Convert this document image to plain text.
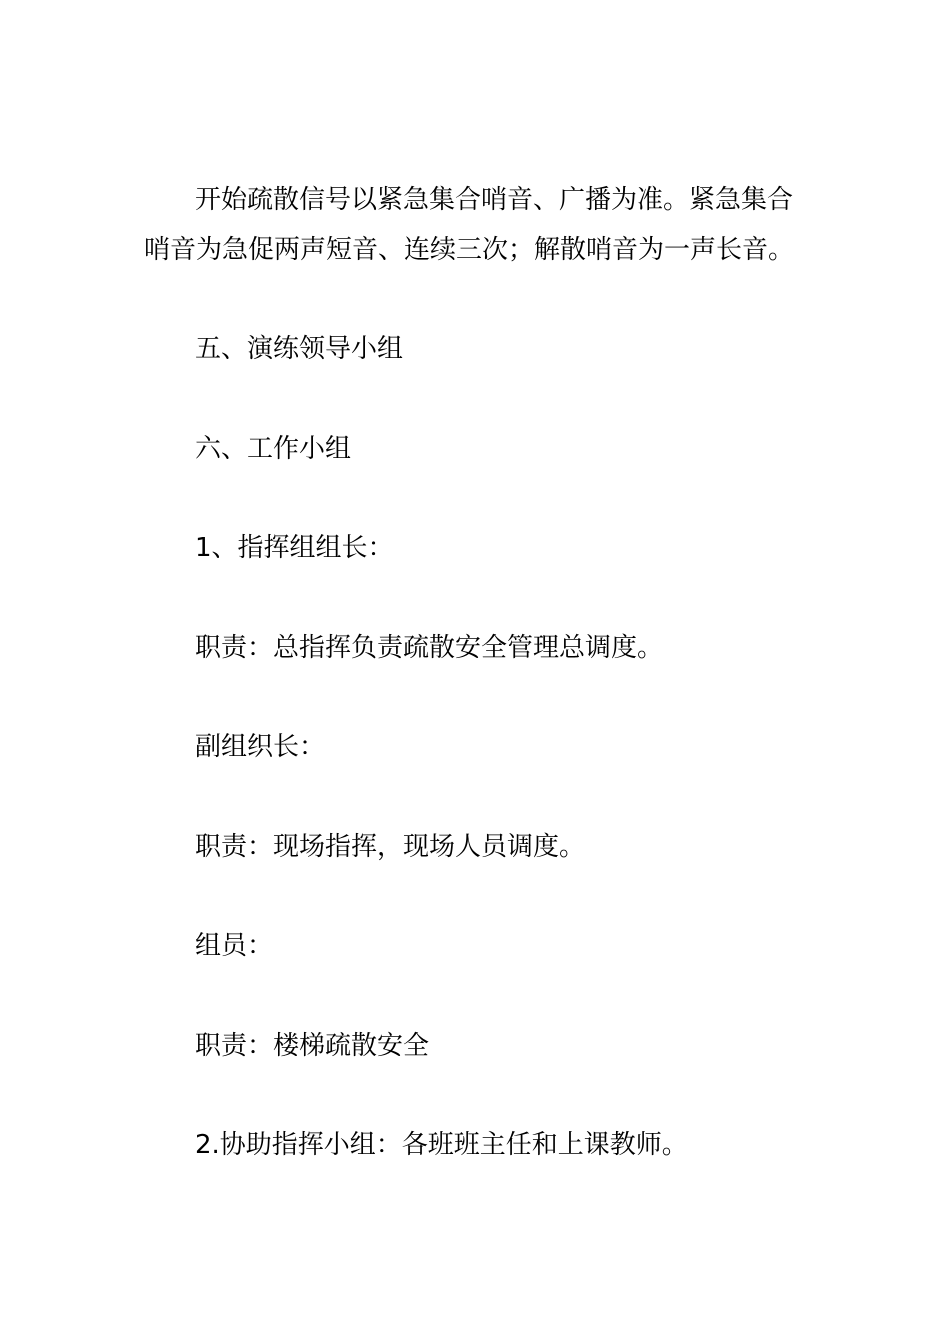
开始疏散信号以紧急集合哨音、广播为准。紧急集合
哨音为急促两声短音、连续三次；解散哨音为一声长音。
五、演练领导小组
六、工作小组
1、指挥组组长：
职责：总指挥负责疏散安全管理总调度。
副组织长：
职责：现场指挥，现场人员调度。
组员：
职责：楼梯疏散安全
2.协助指挥小组：各班班主任和上课教师。
